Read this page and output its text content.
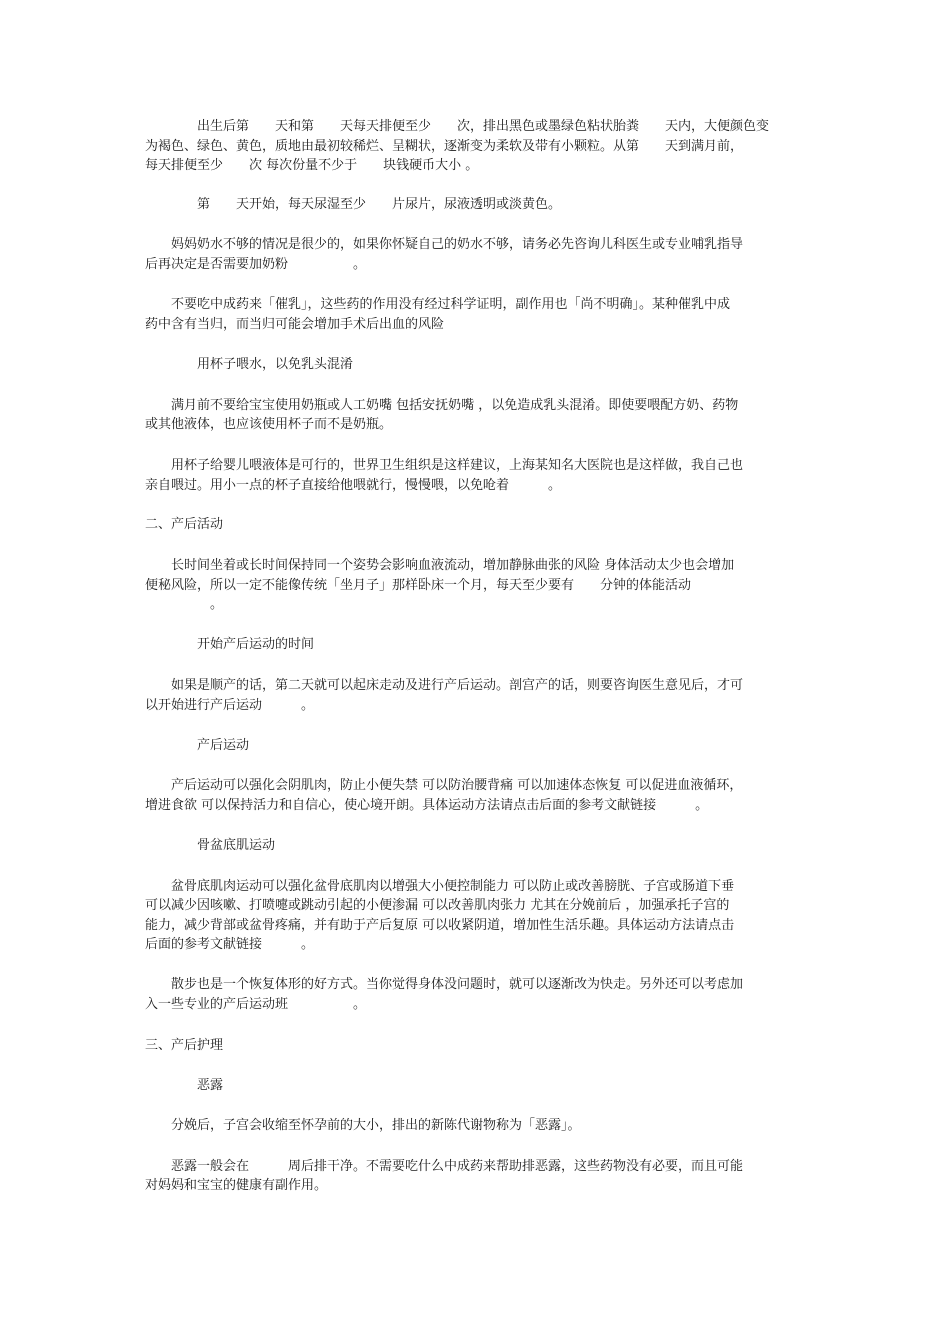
　　　　出生后第　　天和第　　天每天排便至少　　次，排出黑色或墨绿色粘状胎粪　　天内，大便颜色变
为褐色、绿色、黄色，质地由最初较稀烂、呈糊状，逐渐变为柔软及带有小颗粒。从第　　天到满月前，
每天排便至少　　次 每次份量不少于　　块钱硬币大小 。
　　　　第　　天开始，每天尿湿至少　　片尿片，尿液透明或淡黄色。
　　妈妈奶水不够的情况是很少的，如果你怀疑自己的奶水不够，请务必先咨询儿科医生或专业哺乳指导
后再决定是否需要加奶粉　　　　　。
　　不要吃中成药来「催乳」，这些药的作用没有经过科学证明，副作用也「尚不明确」。某种催乳中成
药中含有当归，而当归可能会增加手术后出血的风险
　　　　用杯子喂水，以免乳头混淆
　　满月前不要给宝宝使用奶瓶或人工奶嘴 包括安抚奶嘴 ，以免造成乳头混淆。即使要喂配方奶、药物
或其他液体，也应该使用杯子而不是奶瓶。
　　用杯子给婴儿喂液体是可行的，世界卫生组织是这样建议，上海某知名大医院也是这样做，我自己也
亲自喂过。用小一点的杯子直接给他喂就行，慢慢喂，以免呛着　　　。
二、产后活动
　　长时间坐着或长时间保持同一个姿势会影响血液流动，增加静脉曲张的风险 身体活动太少也会增加
便秘风险，所以一定不能像传统「坐月子」那样卧床一个月，每天至少要有　　分钟的体能活动
　　　　　。
　　　　开始产后运动的时间
　　如果是顺产的话，第二天就可以起床走动及进行产后运动。剖宫产的话，则要咨询医生意见后，才可
以开始进行产后运动　　　。
　　　　产后运动
　　产后运动可以强化会阴肌肉，防止小便失禁 可以防治腰背痛 可以加速体态恢复 可以促进血液循环，
增进食欲 可以保持活力和自信心，使心境开朗。具体运动方法请点击后面的参考文献链接　　　。
　　　　骨盆底肌运动
　　盆骨底肌肉运动可以强化盆骨底肌肉以增强大小便控制能力 可以防止或改善膀胱、子宫或肠道下垂
可以减少因咳嗽、打喷嚏或跳动引起的小便渗漏 可以改善肌肉张力 尤其在分娩前后 ，加强承托子宫的
能力，减少背部或盆骨疼痛，并有助于产后复原 可以收紧阴道，增加性生活乐趣。具体运动方法请点击
后面的参考文献链接　　　。
　　散步也是一个恢复体形的好方式。当你觉得身体没问题时，就可以逐渐改为快走。另外还可以考虑加
入一些专业的产后运动班　　　　　。
三、产后护理
　　　　恶露
　　分娩后，子宫会收缩至怀孕前的大小，排出的新陈代谢物称为「恶露」。
　　恶露一般会在　　　周后排干净。不需要吃什么中成药来帮助排恶露，这些药物没有必要，而且可能
对妈妈和宝宝的健康有副作用。
